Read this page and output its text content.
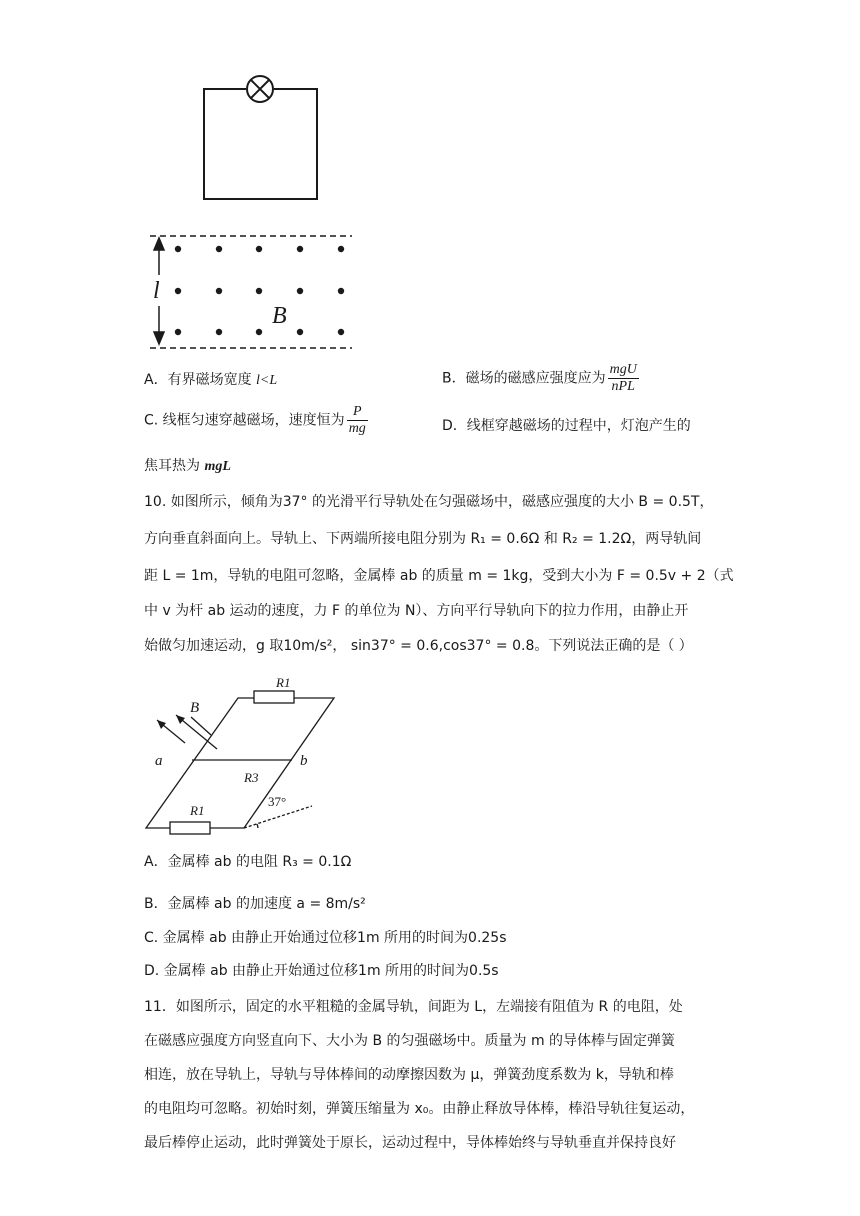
l
B
A．有界磁场宽度 l<L	B．磁场的磁感应强度应为 $\frac{\text{mgU}}{\text{nPL}}$
C. 线框匀速穿越磁场，速度恒为 $\frac{P}{mg}$	D．线框穿越磁场的过程中，灯泡产生的
焦耳热为 mgL
10. 如图所示，倾角为37° 的光滑平行导轨处在匀强磁场中，磁感应强度的大小 B = 0.5T，
方向垂直斜面向上。导轨上、下两端所接电阻分别为 R₁ = 0.6Ω 和 R₂ = 1.2Ω，两导轨间
距 L = 1m，导轨的电阻可忽略，金属棒 ab 的质量 m = 1kg，受到大小为 F = 0.5v + 2（式
中 v 为杆 ab 运动的速度，力 F 的单位为 N）、方向平行导轨向下的拉力作用，由静止开
始做匀加速运动，g 取10m/s²， sin37° = 0.6,cos37° = 0.8。下列说法正确的是（ ）
B
a	b
R1
R3
R1
37°
A．金属棒 ab 的电阻 R₃ = 0.1Ω
B．金属棒 ab 的加速度 a = 8m/s²
C. 金属棒 ab 由静止开始通过位移1m 所用的时间为0.25s
D. 金属棒 ab 由静止开始通过位移1m 所用的时间为0.5s
11．如图所示，固定的水平粗糙的金属导轨，间距为 L，左端接有阻值为 R 的电阻，处
在磁感应强度方向竖直向下、大小为 B 的匀强磁场中。质量为 m 的导体棒与固定弹簧
相连，放在导轨上，导轨与导体棒间的动摩擦因数为 μ，弹簧劲度系数为 k，导轨和棒
的电阻均可忽略。初始时刻，弹簧压缩量为 x₀。由静止释放导体棒，棒沿导轨往复运动，
最后棒停止运动，此时弹簧处于原长，运动过程中，导体棒始终与导轨垂直并保持良好
